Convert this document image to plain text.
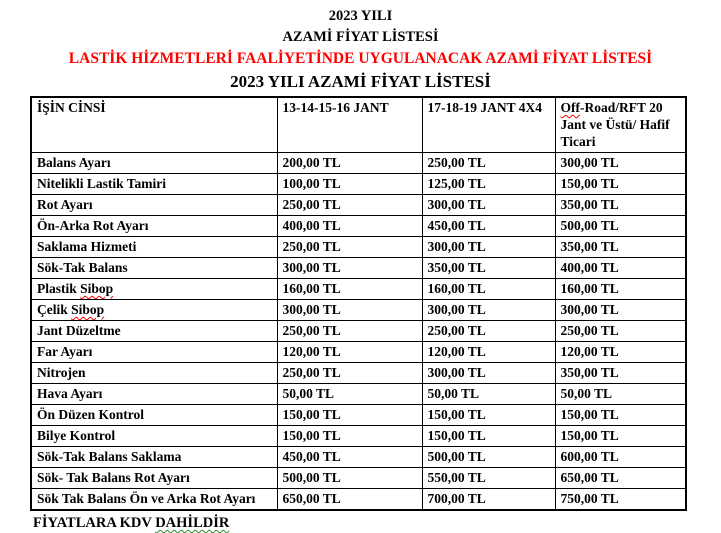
2023 YILI
AZAMİ FİYAT LİSTESİ
LASTİK HİZMETLERİ FAALİYETİNDE UYGULANACAK AZAMİ FİYAT LİSTESİ
2023 YILI AZAMİ FİYAT LİSTESİ
İŞİN CİNSİ	13-14-15-16 JANT	17-18-19 JANT 4X4	Off-Road/RFT 20 Jant ve Üstü/ Hafif Ticari
Balans Ayarı	200,00 TL	250,00 TL	300,00 TL
Nitelikli Lastik Tamiri	100,00 TL	125,00 TL	150,00 TL
Rot Ayarı	250,00 TL	300,00 TL	350,00 TL
Ön-Arka Rot Ayarı	400,00 TL	450,00 TL	500,00 TL
Saklama Hizmeti	250,00 TL	300,00 TL	350,00 TL
Sök-Tak Balans	300,00 TL	350,00 TL	400,00 TL
Plastik Sibop	160,00 TL	160,00 TL	160,00 TL
Çelik Sibop	300,00 TL	300,00 TL	300,00 TL
Jant Düzeltme	250,00 TL	250,00 TL	250,00 TL
Far Ayarı	120,00 TL	120,00 TL	120,00 TL
Nitrojen	250,00 TL	300,00 TL	350,00 TL
Hava Ayarı	50,00 TL	50,00 TL	50,00 TL
Ön Düzen Kontrol	150,00 TL	150,00 TL	150,00 TL
Bilye Kontrol	150,00 TL	150,00 TL	150,00 TL
Sök-Tak Balans Saklama	450,00 TL	500,00 TL	600,00 TL
Sök- Tak Balans Rot Ayarı	500,00 TL	550,00 TL	650,00 TL
Sök Tak Balans Ön ve Arka Rot Ayarı	650,00 TL	700,00 TL	750,00 TL
FİYATLARA KDV DAHİLDİR
